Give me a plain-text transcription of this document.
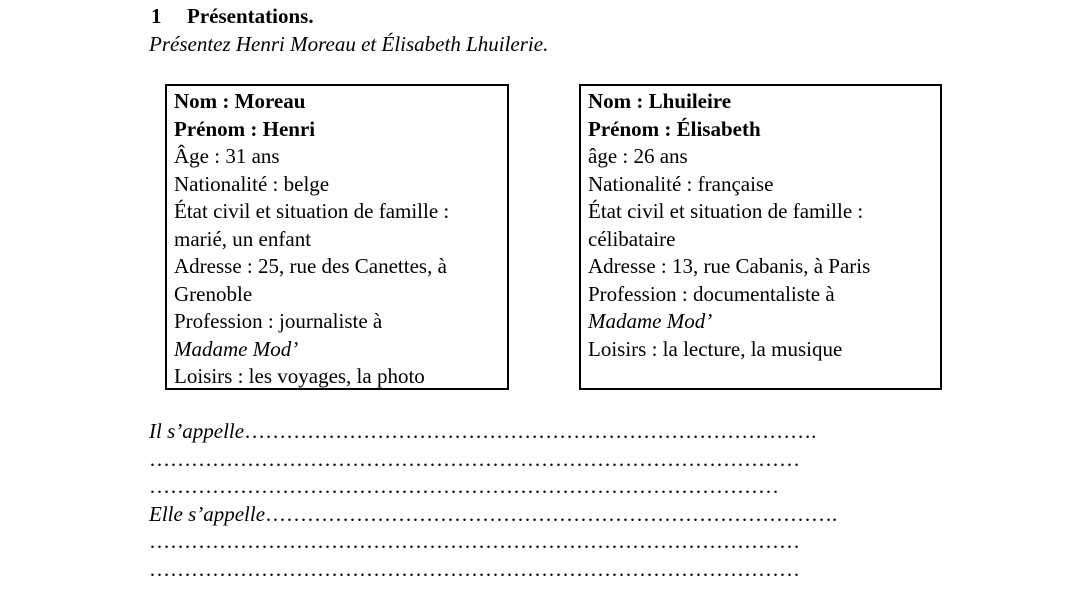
1 Présentations.
Présentez Henri Moreau et Élisabeth Lhuilerie.
Nom : Moreau
Prénom : Henri
Âge : 31 ans
Nationalité : belge
État civil et situation de famille :
marié, un enfant
Adresse : 25, rue des Canettes, à
Grenoble
Profession : journaliste à
Madame Mod’
Loisirs : les voyages, la photo
Nom : Lhuileire
Prénom : Élisabeth
âge : 26 ans
Nationalité : française
État civil et situation de famille :
célibataire
Adresse : 13, rue Cabanis, à Paris
Profession : documentaliste à
Madame Mod’
Loisirs : la lecture, la musique
Il s’appelle……………………………………………………………………….
…………………………………………………………………………………
………………………………………………………………………………
Elle s’appelle……………………………………………………………………….
…………………………………………………………………………………
…………………………………………………………………………………
